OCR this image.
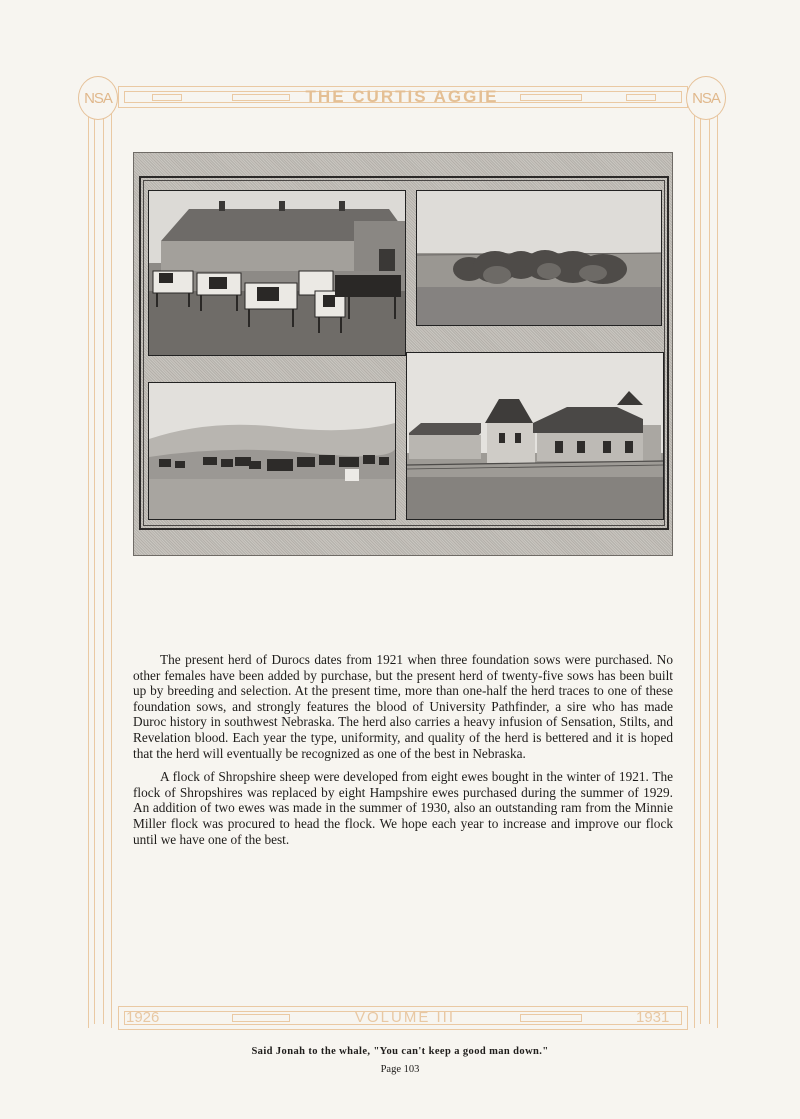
NSA	NSA
THE CURTIS AGGIE
1926	VOLUME III	1931

The present herd of Durocs dates from 1921 when three foundation sows were purchased. No other females have been added by purchase, but the present herd of twenty-five sows has been built up by breeding and selection. At the present time, more than one-half the herd traces to one of these foundation sows, and strongly features the blood of University Pathfinder, a sire who has made Duroc history in southwest Nebraska. The herd also carries a heavy infusion of Sensation, Stilts, and Revelation blood. Each year the type, uniformity, and quality of the herd is bettered and it is hoped that the herd will eventually be recognized as one of the best in Nebraska.

A flock of Shropshire sheep were developed from eight ewes bought in the winter of 1921. The flock of Shropshires was replaced by eight Hampshire ewes purchased during the summer of 1929. An addition of two ewes was made in the summer of 1930, also an outstanding ram from the Minnie Miller flock was procured to head the flock. We hope each year to increase and improve our flock until we have one of the best.

Said Jonah to the whale, "You can't keep a good man down."
Page 103
